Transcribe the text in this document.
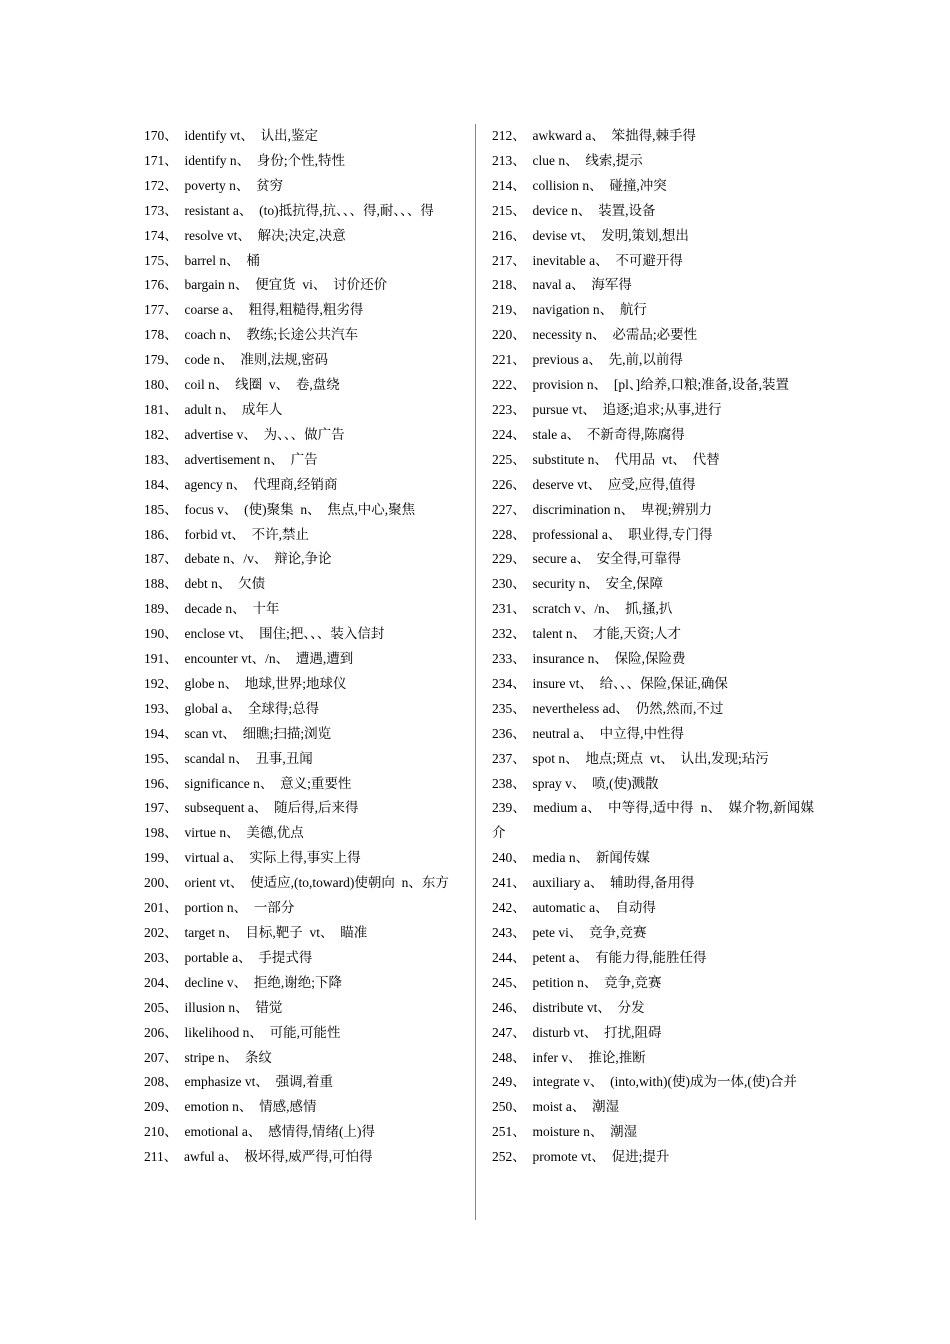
170、  identify vt、  认出,鉴定
171、  identify n、  身份;个性,特性
172、  poverty n、  贫穷
173、  resistant a、  (to)抵抗得,抗、、、得,耐、、、得
174、  resolve vt、  解决;决定,决意
175、  barrel n、  桶
176、  bargain n、  便宜货  vi、  讨价还价
177、  coarse a、  粗得,粗糙得,粗劣得
178、  coach n、  教练;长途公共汽车
179、  code n、  准则,法规,密码
180、  coil n、  线圈  v、  卷,盘绕
181、  adult n、  成年人
182、  advertise v、  为、、、做广告
183、  advertisement n、  广告
184、  agency n、  代理商,经销商
185、  focus v、  (使)聚集  n、  焦点,中心,聚焦
186、  forbid vt、  不许,禁止
187、  debate n、/v、  辩论,争论
188、  debt n、  欠债
189、  decade n、  十年
190、  enclose vt、  围住;把、、、装入信封
191、  encounter vt、/n、  遭遇,遭到
192、  globe n、  地球,世界;地球仪
193、  global a、  全球得;总得
194、  scan vt、  细瞧;扫描;浏览
195、  scandal n、  丑事,丑闻
196、  significance n、  意义;重要性
197、  subsequent a、  随后得,后来得
198、  virtue n、  美德,优点
199、  virtual a、  实际上得,事实上得
200、  orient vt、  使适应,(to,toward)使朝向  n、东方
201、  portion n、  一部分
202、  target n、  目标,靶子  vt、  瞄准
203、  portable a、  手提式得
204、  decline v、  拒绝,谢绝;下降
205、  illusion n、  错觉
206、  likelihood n、  可能,可能性
207、  stripe n、  条纹
208、  emphasize vt、  强调,着重
209、  emotion n、  情感,感情
210、  emotional a、  感情得,情绪(上)得
211、  awful a、  极坏得,威严得,可怕得
212、  awkward a、  笨拙得,棘手得
213、  clue n、  线索,提示
214、  collision n、  碰撞,冲突
215、  device n、  装置,设备
216、  devise vt、  发明,策划,想出
217、  inevitable a、  不可避开得
218、  naval a、  海军得
219、  navigation n、  航行
220、  necessity n、  必需品;必要性
221、  previous a、  先,前,以前得
222、  provision n、  [pl、]给养,口粮;准备,设备,装置
223、  pursue vt、  追逐;追求;从事,进行
224、  stale a、  不新奇得,陈腐得
225、  substitute n、  代用品  vt、  代替
226、  deserve vt、  应受,应得,值得
227、  discrimination n、  卑视;辨别力
228、  professional a、  职业得,专门得
229、  secure a、  安全得,可靠得
230、  security n、  安全,保障
231、  scratch v、/n、  抓,搔,扒
232、  talent n、  才能,天资;人才
233、  insurance n、  保险,保险费
234、  insure vt、  给、、、保险,保证,确保
235、  nevertheless ad、  仍然,然而,不过
236、  neutral a、  中立得,中性得
237、  spot n、  地点;斑点  vt、  认出,发现;玷污
238、  spray v、  喷,(使)溅散
239、  medium a、  中等得,适中得  n、  媒介物,新闻媒介
240、  media n、  新闻传媒
241、  auxiliary a、  辅助得,备用得
242、  automatic a、  自动得
243、  pete vi、  竞争,竞赛
244、  petent a、  有能力得,能胜任得
245、  petition n、  竞争,竞赛
246、  distribute vt、  分发
247、  disturb vt、  打扰,阻碍
248、  infer v、  推论,推断
249、  integrate v、  (into,with)(使)成为一体,(使)合并
250、  moist a、  潮湿
251、  moisture n、  潮湿
252、  promote vt、  促进;提升
